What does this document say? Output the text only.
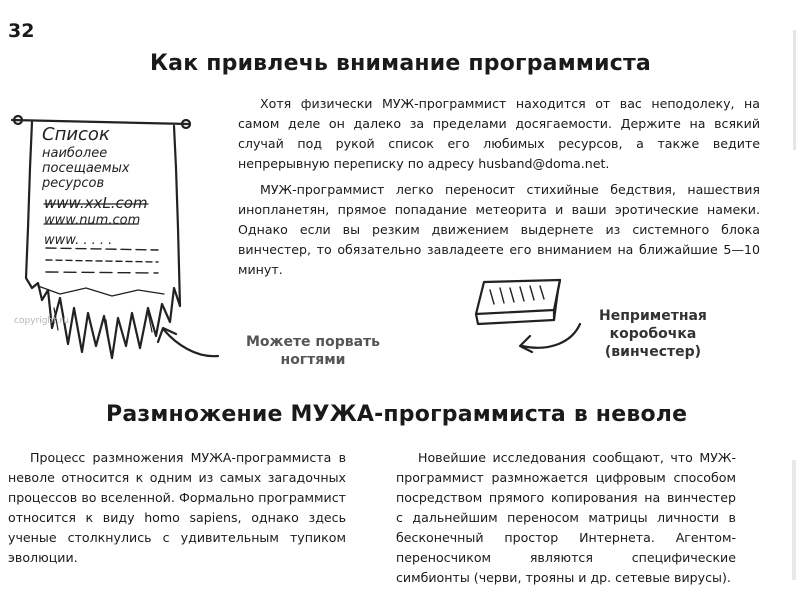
32
Как привлечь внимание программиста

Хотя физически МУЖ-программист находится от вас неподолеку, на самом деле он далеко за пределами досягаемости. Держите на всякий случай под рукой список его любимых ресурсов, а также ведите непрерывную переписку по адресу husband@doma.net.

МУЖ-программист легко переносит стихийные бедствия, нашествия инопланетян, прямое попадание метеорита и ваши эротические намеки. Однако если вы резким движением выдернете из системного блока винчестер, то обязательно завладеете его вниманием на ближайшие 5—10 минут.

Список
наиболее
посещаемых
ресурсов
www.xxL.com
www.num.com
www. . . . .
copyright.ru
Можете порвать ногтями
Неприметная коробочка (винчестер)
Размножение МУЖА-программиста в неволе

Процесс размножения МУЖА-программиста в неволе относится к одним из самых загадочных процессов во вселенной. Формально программист относится к виду homo sapiens, однако здесь ученые столкнулись с удивительным тупиком эволюции.

Новейшие исследования сообщают, что МУЖ-программист размножается цифровым способом посредством прямого копирования на винчестер с дальнейшим переносом матрицы личности в бесконечный простор Интернета. Агентом-переносчиком являются специфические симбионты (черви, трояны и др. сетевые вирусы).
